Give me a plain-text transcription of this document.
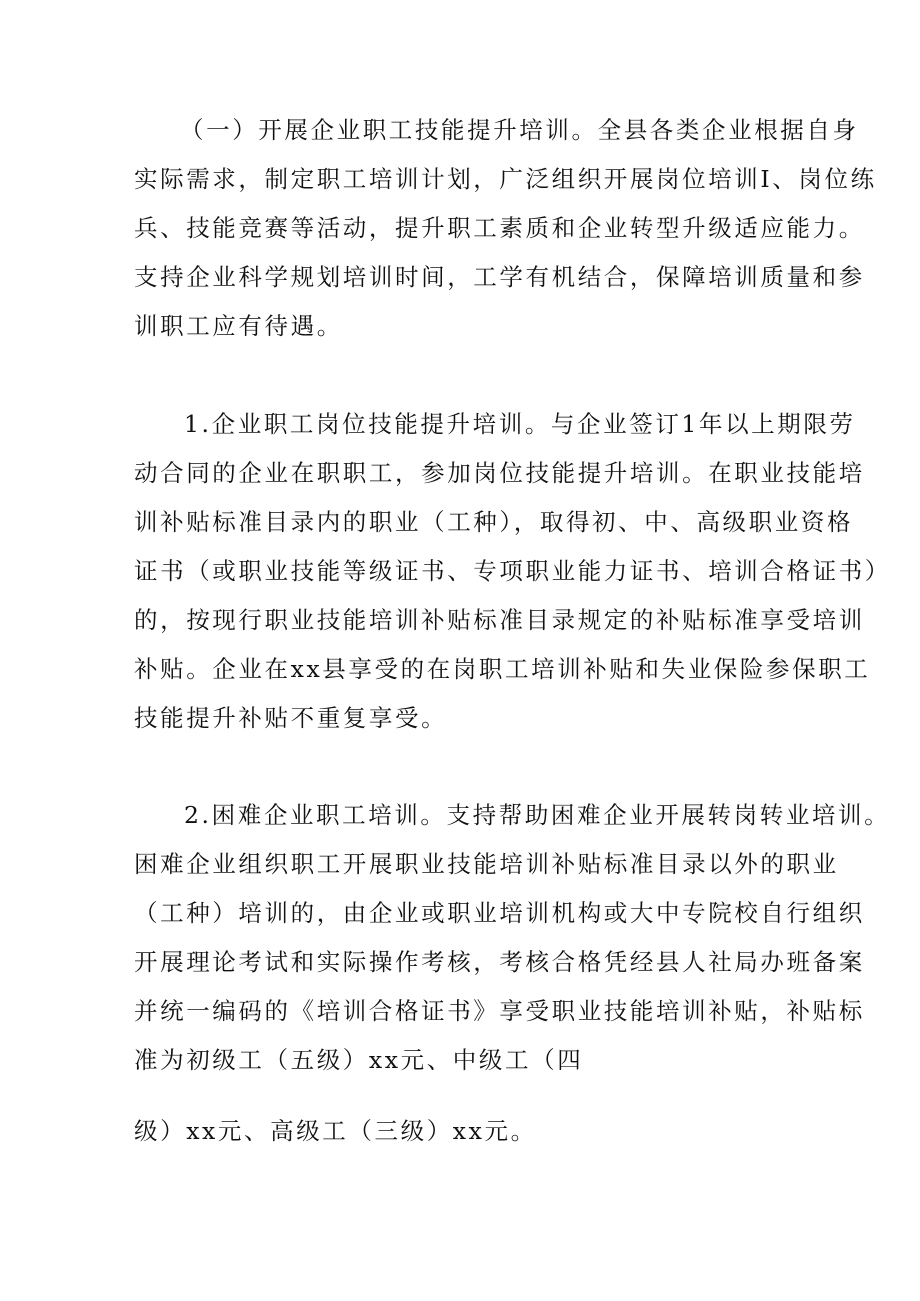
（一）开展企业职工技能提升培训。全县各类企业根据自身
实际需求，制定职工培训计划，广泛组织开展岗位培训I、岗位练
兵、技能竞赛等活动，提升职工素质和企业转型升级适应能力。
支持企业科学规划培训时间，工学有机结合，保障培训质量和参
训职工应有待遇。
1.企业职工岗位技能提升培训。与企业签订1年以上期限劳
动合同的企业在职职工，参加岗位技能提升培训。在职业技能培
训补贴标准目录内的职业（工种），取得初、中、高级职业资格
证书（或职业技能等级证书、专项职业能力证书、培训合格证书）
的，按现行职业技能培训补贴标准目录规定的补贴标准享受培训
补贴。企业在xx县享受的在岗职工培训补贴和失业保险参保职工
技能提升补贴不重复享受。
2.困难企业职工培训。支持帮助困难企业开展转岗转业培训。
困难企业组织职工开展职业技能培训补贴标准目录以外的职业
（工种）培训的，由企业或职业培训机构或大中专院校自行组织
开展理论考试和实际操作考核，考核合格凭经县人社局办班备案
并统一编码的《培训合格证书》享受职业技能培训补贴，补贴标
准为初级工（五级）xx元、中级工（四
级）xx元、高级工（三级）xx元。
